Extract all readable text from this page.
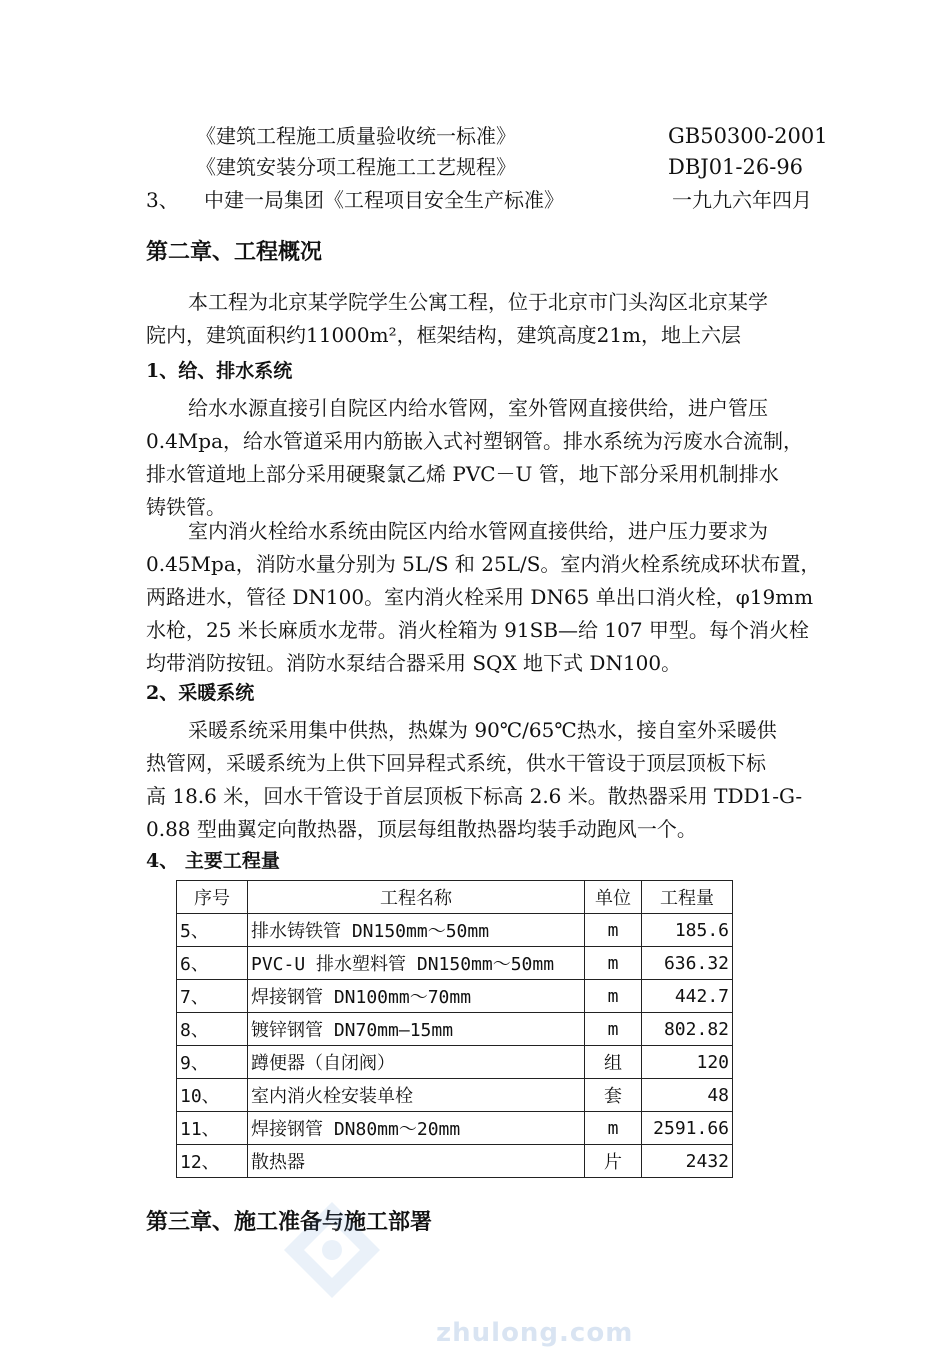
《建筑工程施工质量验收统一标准》	GB50300-2001
《建筑安装分项工程施工工艺规程》	DBJ01-26-96
3、 中建一局集团《工程项目安全生产标准》	一九九六年四月
第二章、工程概况

本工程为北京某学院学生公寓工程，位于北京市门头沟区北京某学

院内，建筑面积约11000m²，框架结构，建筑高度21m，地上六层

1、给、排水系统

给水水源直接引自院区内给水管网，室外管网直接供给，进户管压

0.4Mpa，给水管道采用内筋嵌入式衬塑钢管。排水系统为污废水合流制，

排水管道地上部分采用硬聚氯乙烯 PVC－U 管，地下部分采用机制排水

铸铁管。

室内消火栓给水系统由院区内给水管网直接供给，进户压力要求为

0.45Mpa，消防水量分别为 5L/S 和 25L/S。室内消火栓系统成环状布置，

两路进水，管径 DN100。室内消火栓采用 DN65 单出口消火栓，φ19mm

水枪，25 米长麻质水龙带。消火栓箱为 91SB—给 107 甲型。每个消火栓

均带消防按钮。消防水泵结合器采用 SQX 地下式 DN100。

2、采暖系统

采暖系统采用集中供热，热媒为 90℃/65℃热水，接自室外采暖供

热管网，采暖系统为上供下回异程式系统，供水干管设于顶层顶板下标

高 18.6 米，回水干管设于首层顶板下标高 2.6 米。散热器采用 TDD1-G-

0.88 型曲翼定向散热器，顶层每组散热器均装手动跑风一个。

4、 主要工程量
序号	工程名称	单位	工程量
5、	排水铸铁管 DN150mm～50mm	m	185.6
6、	PVC-U 排水塑料管 DN150mm～50mm	m	636.32
7、	焊接钢管 DN100mm～70mm	m	442.7
8、	镀锌钢管 DN70mm—15mm	m	802.82
9、	蹲便器（自闭阀）	组	120
10、	室内消火栓安装单栓	套	48
11、	焊接钢管 DN80mm～20mm	m	2591.66
12、	散热器	片	2432
第三章、施工准备与施工部署
zhulong.com
